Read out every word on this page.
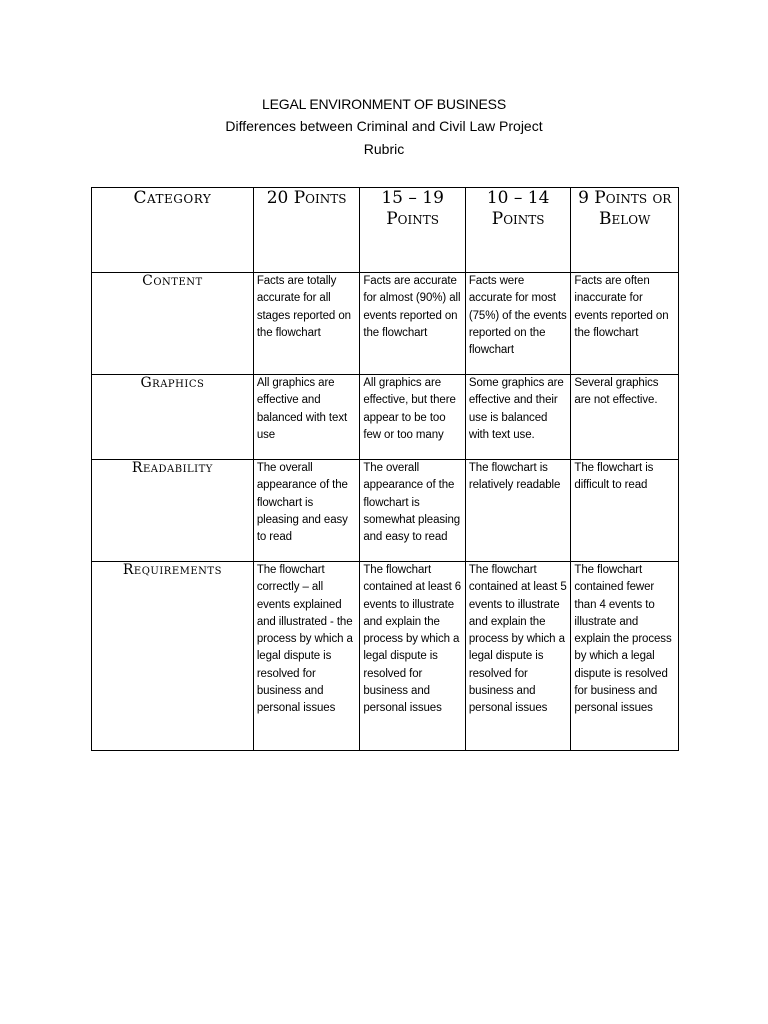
LEGAL ENVIRONMENT OF BUSINESS
Differences between Criminal and Civil Law Project
Rubric
Category	20 Points	15 – 19 Points	10 – 14 Points	9 Points or Below
Content	Facts are totally accurate for all stages reported on the flowchart	Facts are accurate for almost (90%) all events reported on the flowchart	Facts were accurate for most (75%) of the events reported on the flowchart	Facts are often inaccurate for events reported on the flowchart
Graphics	All graphics are effective and balanced with text use	All graphics are effective, but there appear to be too few or too many	Some graphics are effective and their use is balanced with text use.	Several graphics are not effective.
Readability	The overall appearance of the flowchart is pleasing and easy to read	The overall appearance of the flowchart is somewhat pleasing and easy to read	The flowchart is relatively readable	The flowchart is difficult to read
Requirements	The flowchart correctly – all events explained and illustrated - the process by which a legal dispute is resolved for business and personal issues	The flowchart contained at least 6 events to illustrate and explain the process by which a legal dispute is resolved for business and personal issues	The flowchart contained at least 5 events to illustrate and explain the process by which a legal dispute is resolved for business and personal issues	The flowchart contained fewer than 4 events to illustrate and explain the process by which a legal dispute is resolved for business and personal issues
